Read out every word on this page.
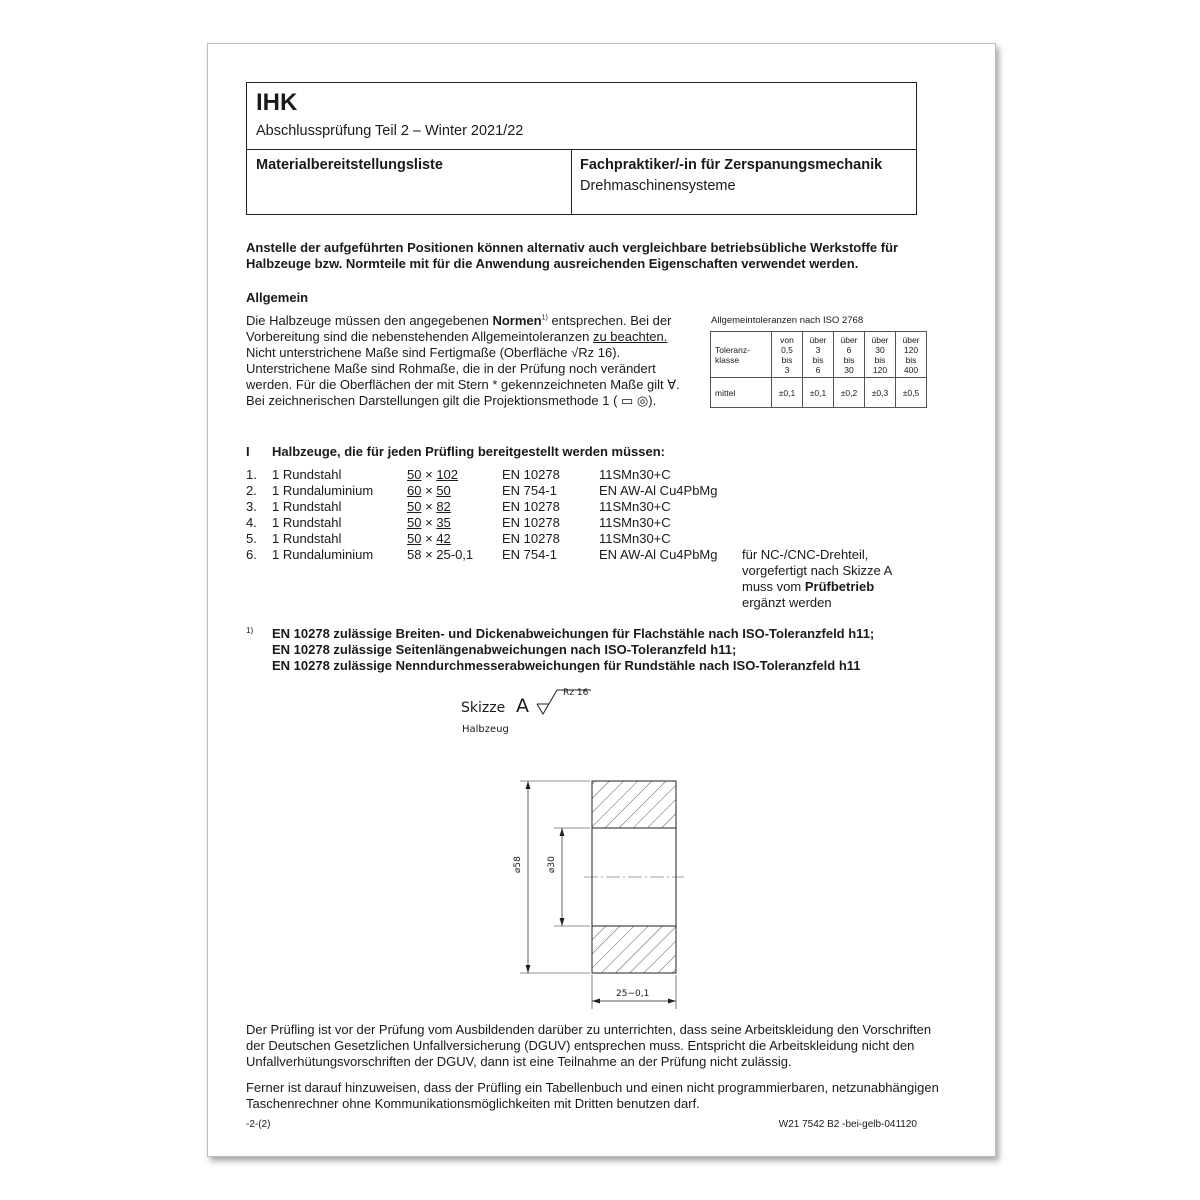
IHK
Abschlussprüfung Teil 2 – Winter 2021/22
Materialbereitstellungsliste	Fachpraktiker/-in für Zerspanungsmechanik
Drehmaschinensysteme
Anstelle der aufgeführten Positionen können alternativ auch vergleichbare betriebsübliche Werkstoffe für
Halbzeuge bzw. Normteile mit für die Anwendung ausreichenden Eigenschaften verwendet werden.
Allgemein
Die Halbzeuge müssen den angegebenen Normen$^{1)}$ entsprechen. Bei der
Vorbereitung sind die nebenstehenden Allgemeintoleranzen zu beachten.
Nicht unterstrichene Maße sind Fertigmaße (Oberfläche √Rz 16).
Unterstrichene Maße sind Rohmaße, die in der Prüfung noch verändert
werden. Für die Oberflächen der mit Stern * gekennzeichneten Maße gilt ∀.
Bei zeichnerischen Darstellungen gilt die Projektionsmethode 1 ( ▭ ◎).
Allgemeintoleranzen nach ISO 2768
Toleranz-
klasse	von
0,5
bis
3	über
3
bis
6	über
6
bis
30	über
30
bis
120	über
120
bis
400
mittel	±0,1	±0,1	±0,2	±0,3	±0,5
I Halbzeuge, die für jeden Prüfling bereitgestellt werden müssen:
1. 1 Rundstahl	50 × 102	EN 10278	11SMn30+C
2. 1 Rundaluminium	60 × 50	EN 754-1	EN AW-Al Cu4PbMg
3. 1 Rundstahl	50 × 82	EN 10278	11SMn30+C
4. 1 Rundstahl	50 × 35	EN 10278	11SMn30+C
5. 1 Rundstahl	50 × 42	EN 10278	11SMn30+C
6. 1 Rundaluminium	58 × 25-0,1 EN 754-1	EN AW-Al Cu4PbMg für NC-/CNC-Drehteil,
vorgefertigt nach Skizze A
muss vom Prüfbetrieb
ergänzt werden
1) EN 10278 zulässige Breiten- und Dickenabweichungen für Flachstähle nach ISO-Toleranzfeld h11;
EN 10278 zulässige Seitenlängenabweichungen nach ISO-Toleranzfeld h11;
EN 10278 zulässige Nenndurchmesserabweichungen für Rundstähle nach ISO-Toleranzfeld h11
Skizze A
Rz 16
Halbzeug
⌀58	⌀30
25−0,1
Der Prüfling ist vor der Prüfung vom Ausbildenden darüber zu unterrichten, dass seine Arbeitskleidung den Vorschriften
der Deutschen Gesetzlichen Unfallversicherung (DGUV) entsprechen muss. Entspricht die Arbeitskleidung nicht den
Unfallverhütungsvorschriften der DGUV, dann ist eine Teilnahme an der Prüfung nicht zulässig.
Ferner ist darauf hinzuweisen, dass der Prüfling ein Tabellenbuch und einen nicht programmierbaren, netzunabhängigen
Taschenrechner ohne Kommunikationsmöglichkeiten mit Dritten benutzen darf.
-2-(2)	W21 7542 B2 -bei-gelb-041120
